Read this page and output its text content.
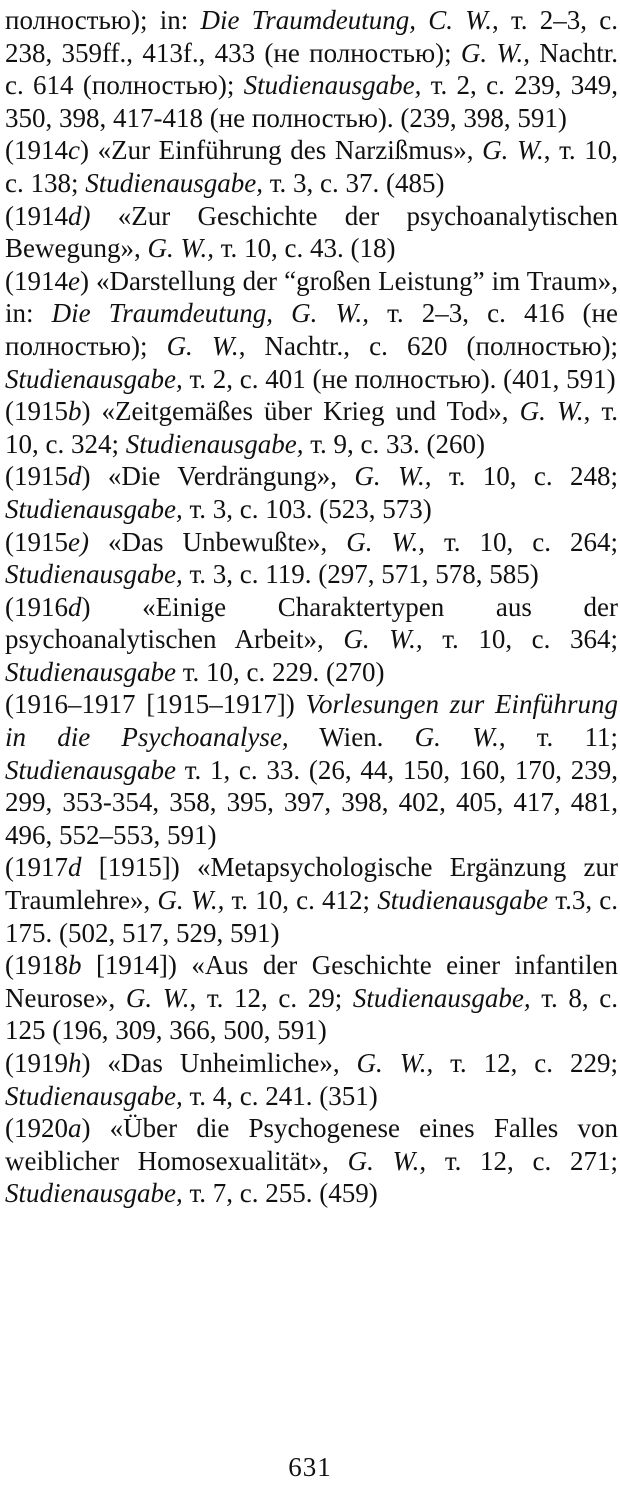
полностью); in: Die Traumdeutung, C. W., т. 2–3, с. 238, 359ff., 413f., 433 (не полностью); G. W., Nachtr. с. 614 (полностью); Studienausgabe, т. 2, с. 239, 349, 350, 398, 417-418 (не полностью). (239, 398, 591)

(1914c) «Zur Einführung des Narzißmus», G. W., т. 10, с. 138; Studienausgabe, т. 3, с. 37. (485)

(1914d) «Zur Geschichte der psychoanalytischen Bewegung», G. W., т. 10, с. 43. (18)

(1914e) «Darstellung der “großen Leistung” im Traum», in: Die Traumdeutung, G. W., т. 2–3, с. 416 (не полностью); G. W., Nachtr., с. 620 (полностью); Studienausgabe, т. 2, с. 401 (не полностью). (401, 591)

(1915b) «Zeitgemäßes über Krieg und Tod», G. W., т. 10, с. 324; Studienausgabe, т. 9, с. 33. (260)

(1915d) «Die Verdrängung», G. W., т. 10, с. 248; Studienausgabe, т. 3, с. 103. (523, 573)

(1915e) «Das Unbewußte», G. W., т. 10, с. 264; Studienausgabe, т. 3, с. 119. (297, 571, 578, 585)

(1916d) «Einige Charaktertypen aus der psychoanalytischen Arbeit», G. W., т. 10, с. 364; Studienausgabe т. 10, с. 229. (270)

(1916–1917 [1915–1917]) Vorlesungen zur Einführung in die Psychoanalyse, Wien. G. W., т. 11; Studienausgabe т. 1, с. 33. (26, 44, 150, 160, 170, 239, 299, 353-354, 358, 395, 397, 398, 402, 405, 417, 481, 496, 552–553, 591)

(1917d [1915]) «Metapsychologische Ergänzung zur Traumlehre», G. W., т. 10, с. 412; Studienausgabe т.3, с. 175. (502, 517, 529, 591)

(1918b [1914]) «Aus der Geschichte einer infantilen Neurose», G. W., т. 12, с. 29; Studienausgabe, т. 8, с. 125 (196, 309, 366, 500, 591)

(1919h) «Das Unheimliche», G. W., т. 12, с. 229; Studienausgabe, т. 4, с. 241. (351)

(1920a) «Über die Psychogenese eines Falles von weiblicher Homosexualität», G. W., т. 12, с. 271; Studienausgabe, т. 7, с. 255. (459)

631
